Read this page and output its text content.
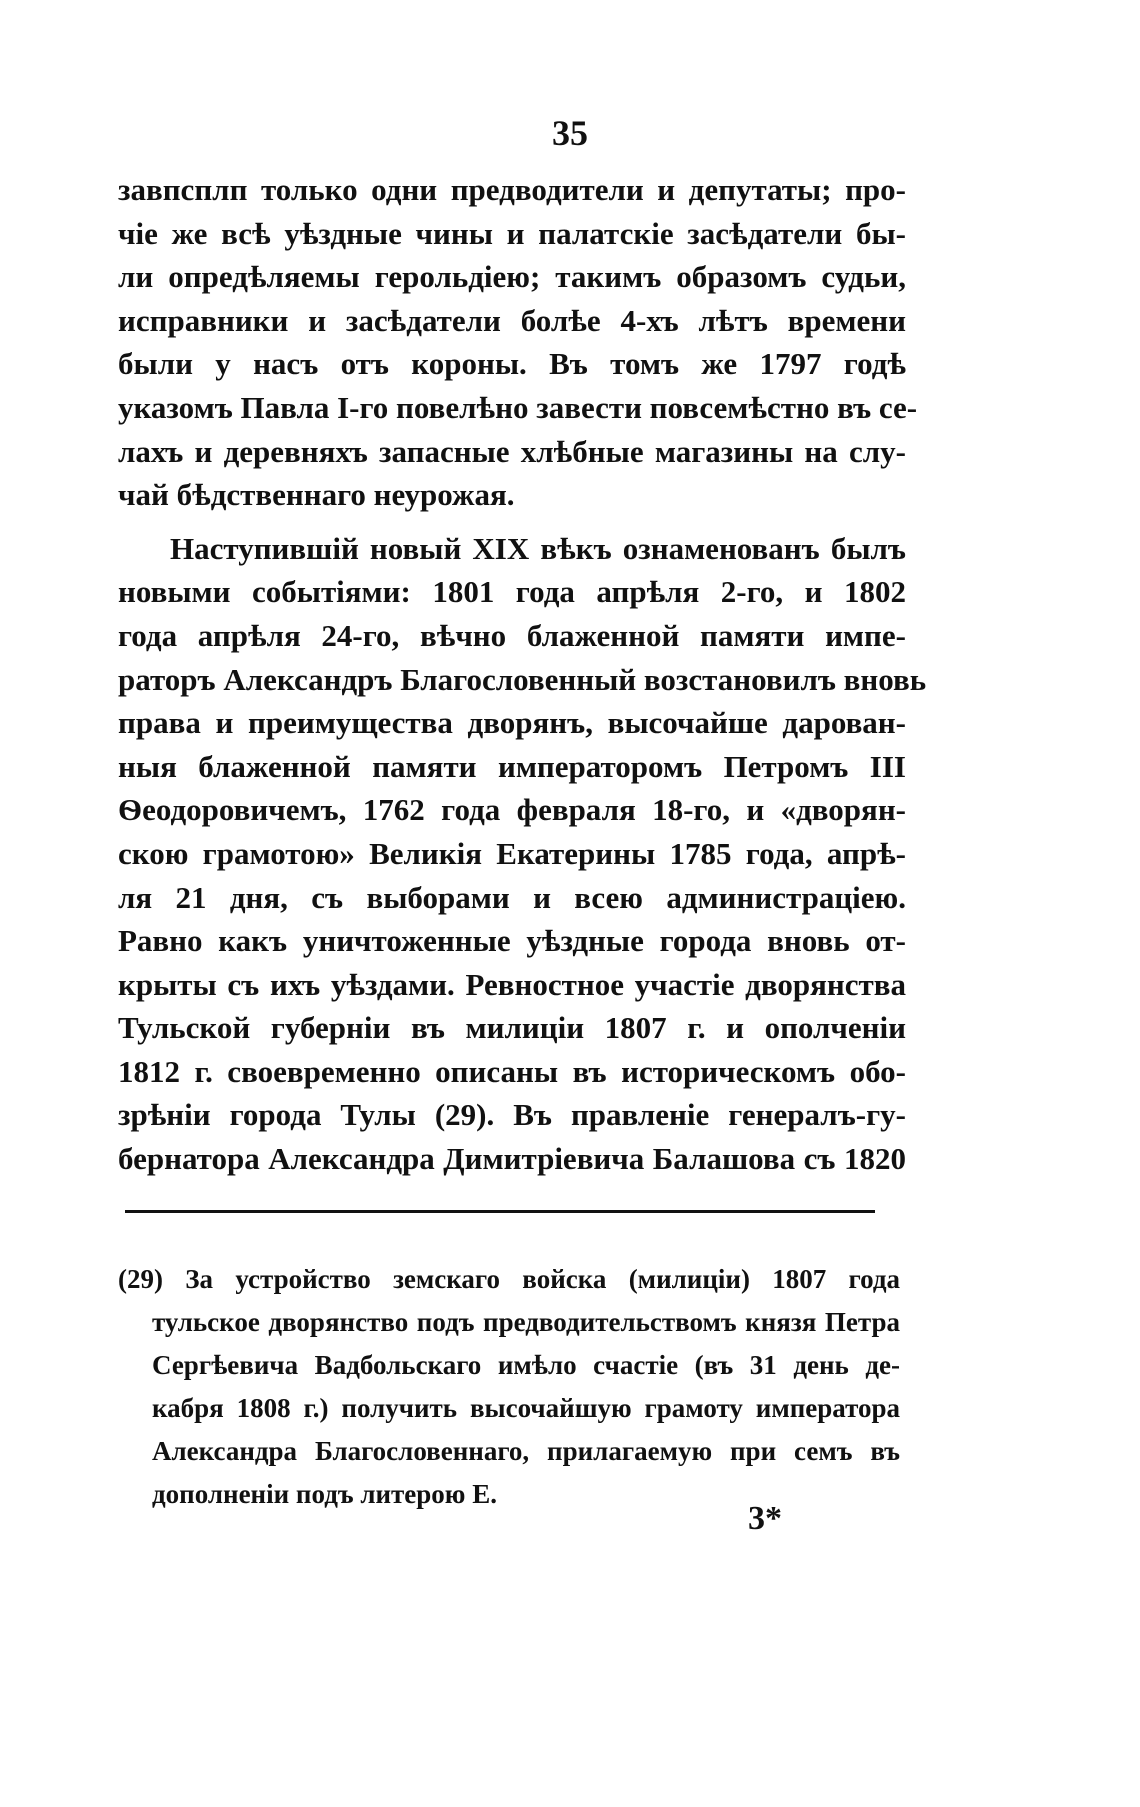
35
завпсплп только одни предводители и депутаты; про-
чіе же всѣ уѣздные чины и палатскіе засѣдатели бы-
ли опредѣляемы герольдіею; такимъ образомъ судьи,
исправники и засѣдатели болѣе 4-хъ лѣтъ времени
были у насъ отъ короны. Въ томъ же 1797 годѣ
указомъ Павла I-го повелѣно завести повсемѣстно въ се-
лахъ и деревняхъ запасные хлѣбные магазины на слу-
чай бѣдственнаго неурожая.
Наступившій новый XIX вѣкъ ознаменованъ былъ
новыми событіями: 1801 года апрѣля 2-го, и 1802
года апрѣля 24-го, вѣчно блаженной памяти импе-
раторъ Александръ Благословенный возстановилъ вновь
права и преимущества дворянъ, высочайше дарован-
ныя блаженной памяти императоромъ Петромъ III
Ѳеодоровичемъ, 1762 года февраля 18-го, и «дворян-
скою грамотою» Великія Екатерины 1785 года, апрѣ-
ля 21 дня, съ выборами и всею администраціею.
Равно какъ уничтоженные уѣздные города вновь от-
крыты съ ихъ уѣздами. Ревностное участіе дворянства
Тульской губерніи въ милиціи 1807 г. и ополченіи
1812 г. своевременно описаны въ историческомъ обо-
зрѣніи города Тулы (29). Въ правленіе генералъ-гу-
бернатора Александра Димитріевича Балашова съ 1820
(29) За устройство земскаго войска (милиціи) 1807 года
тульское дворянство подъ предводительствомъ князя Петра
Сергѣевича Вадбольскаго имѣло счастіе (въ 31 день де-
кабря 1808 г.) получить высочайшую грамоту императора
Александра Благословеннаго, прилагаемую при семъ въ
дополненіи подъ литерою Е.
3*
